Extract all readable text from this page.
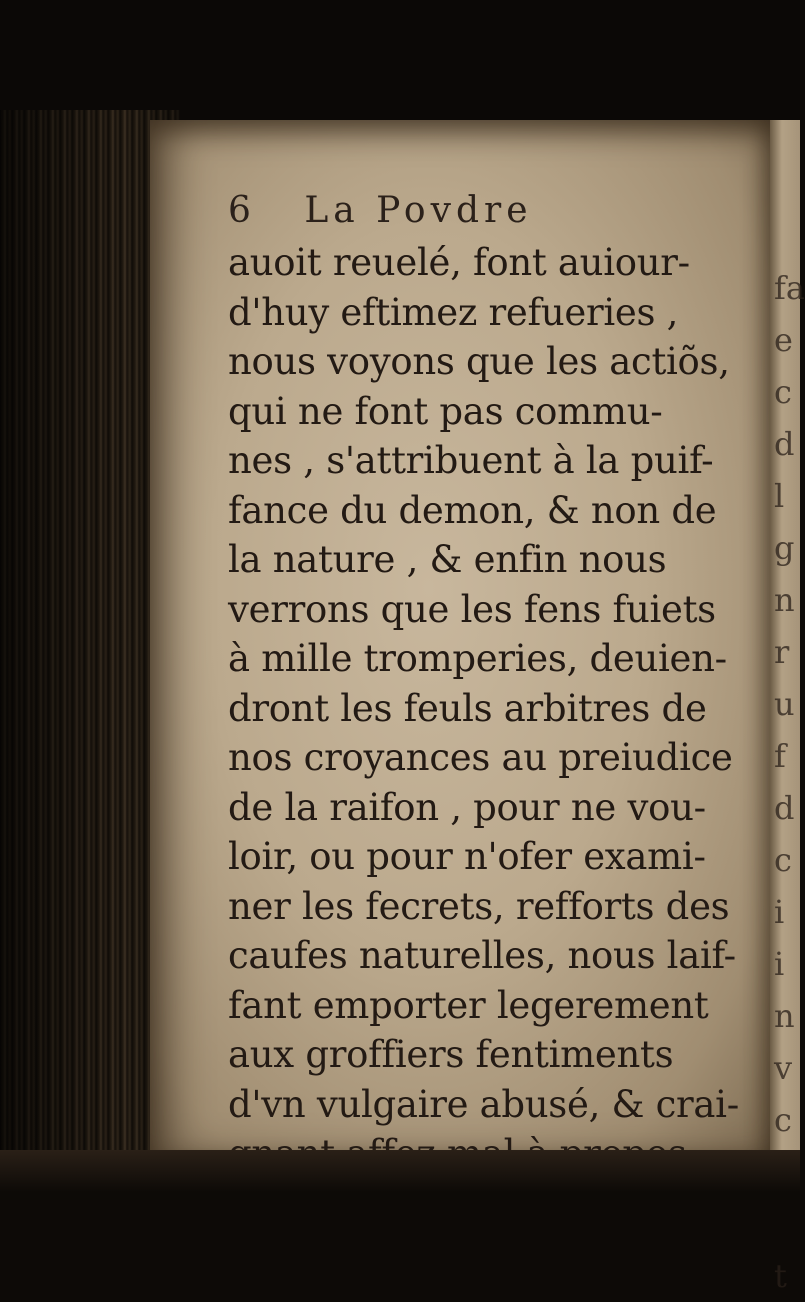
fa
e
c
d
l
g
n
r
u
f
d
c
i
i
n
v
c
t
6 La Povdre
auoit reuelé, font auiour-
d'huy eftimez refueries ,
nous voyons que les actiõs,
qui ne font pas commu-
nes , s'attribuent à la puif-
fance du demon, & non de
la nature , & enfin nous
verrons que les fens fuiets
à mille tromperies, deuien-
dront les feuls arbitres de
nos croyances au preiudice
de la raifon , pour ne vou-
loir, ou pour n'ofer exami-
ner les fecrets, refforts des
caufes naturelles, nous laif-
fant emporter legerement
aux groffiers fentiments
d'vn vulgaire abusé, & crai-
